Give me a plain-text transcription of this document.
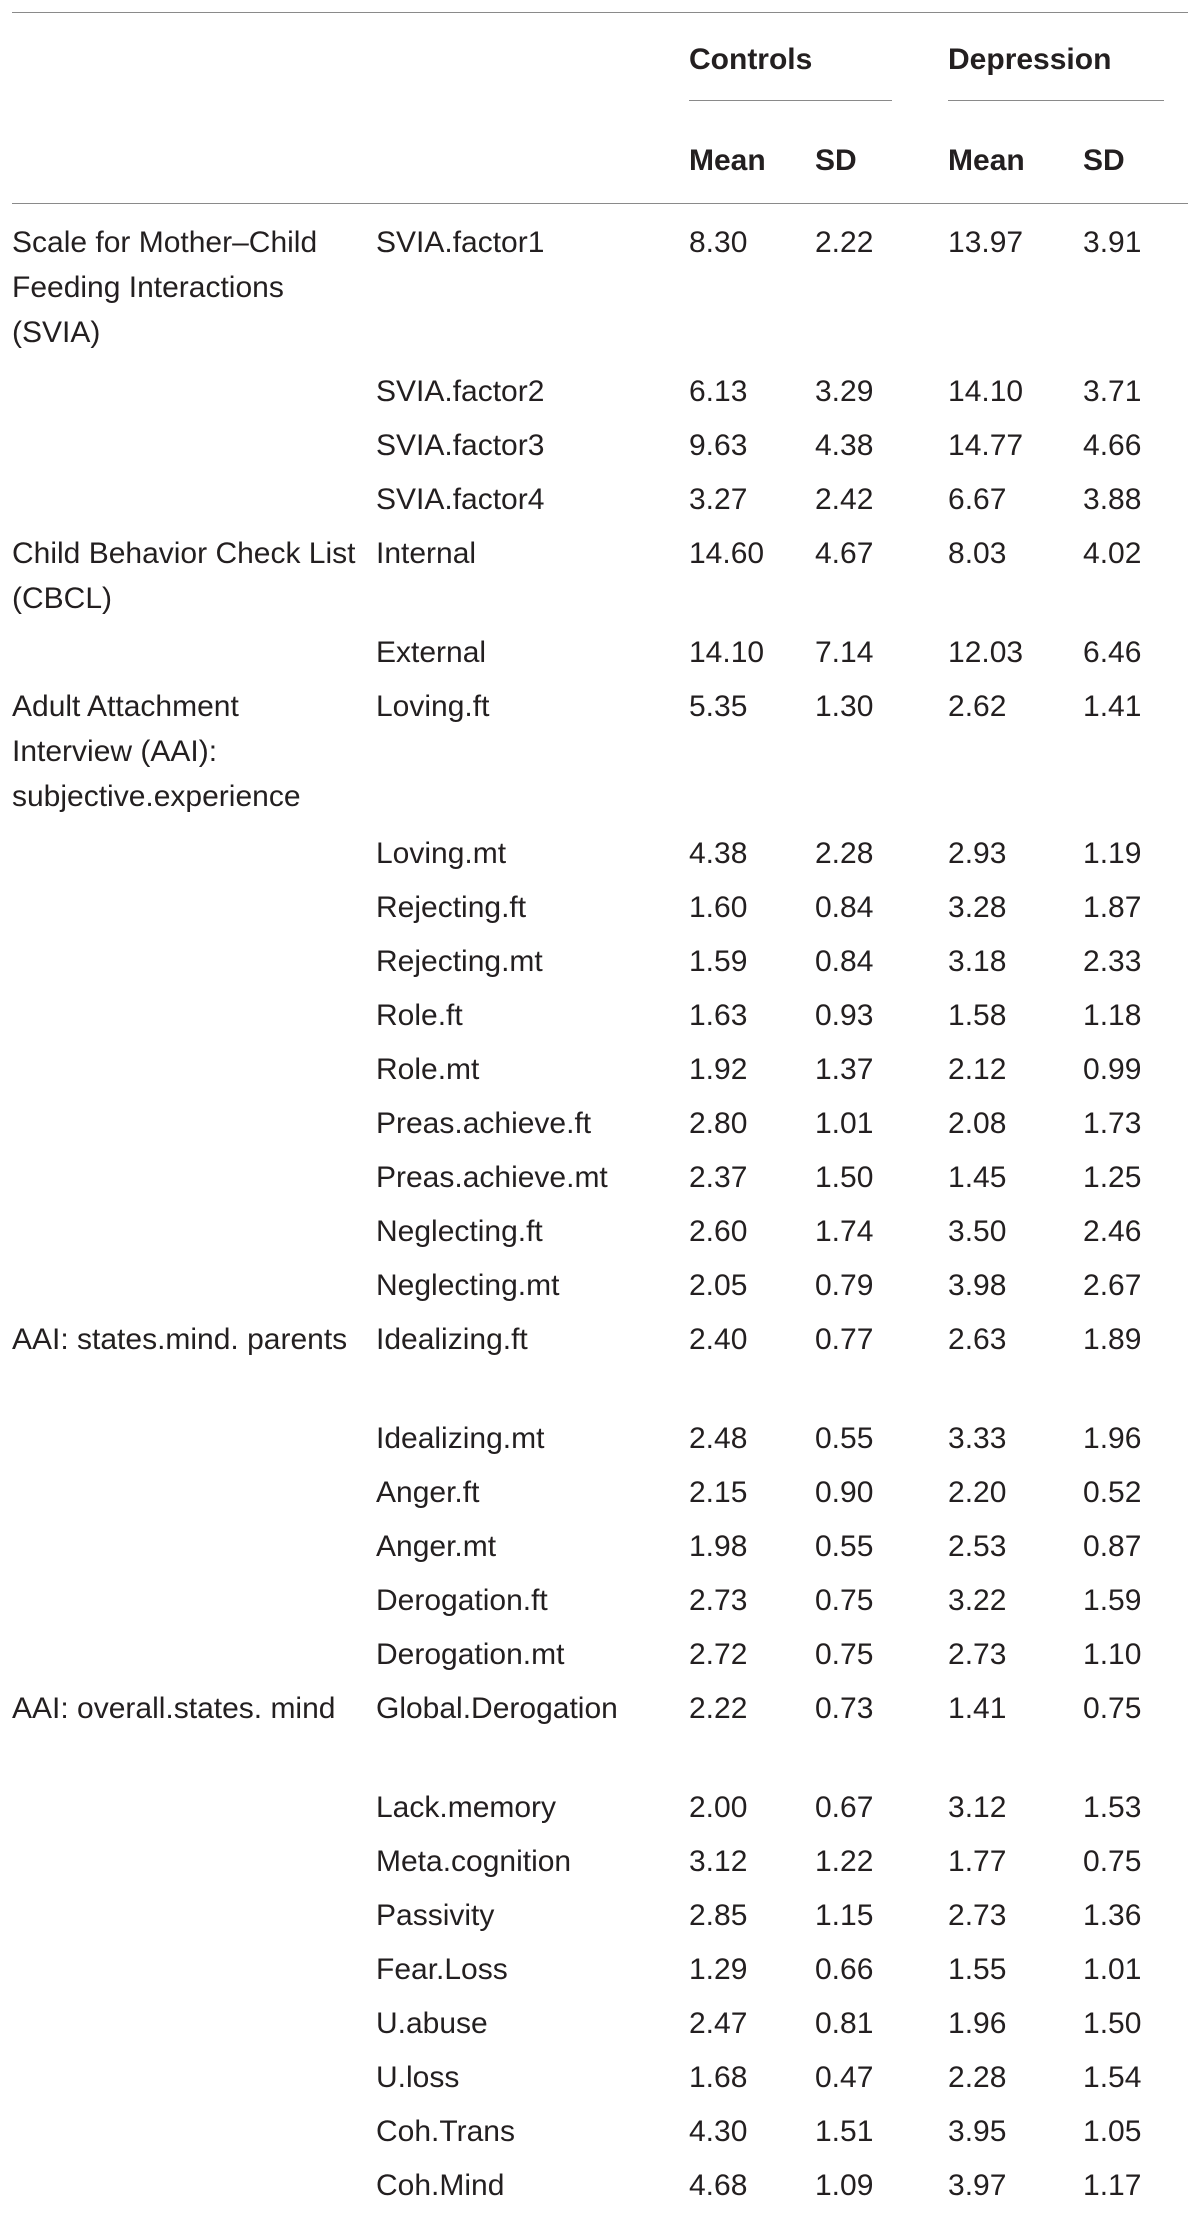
		Controls		Depression	

		Mean	SD	Mean	SD

Scale for Mother–Child Feeding Interactions (SVIA)	SVIA.factor1	8.30	2.22	13.97	3.91

	SVIA.factor2	6.13	3.29	14.10	3.71

	SVIA.factor3	9.63	4.38	14.77	4.66

	SVIA.factor4	3.27	2.42	6.67	3.88

Child Behavior Check List (CBCL)	Internal	14.60	4.67	8.03	4.02

	External	14.10	7.14	12.03	6.46

Adult Attachment Interview (AAI): subjective.experience	Loving.ft	5.35	1.30	2.62	1.41

	Loving.mt	4.38	2.28	2.93	1.19

	Rejecting.ft	1.60	0.84	3.28	1.87

	Rejecting.mt	1.59	0.84	3.18	2.33

	Role.ft	1.63	0.93	1.58	1.18

	Role.mt	1.92	1.37	2.12	0.99

	Preas.achieve.ft	2.80	1.01	2.08	1.73

	Preas.achieve.mt	2.37	1.50	1.45	1.25

	Neglecting.ft	2.60	1.74	3.50	2.46

	Neglecting.mt	2.05	0.79	3.98	2.67

AAI: states.mind. parents	Idealizing.ft	2.40	0.77	2.63	1.89

	Idealizing.mt	2.48	0.55	3.33	1.96

	Anger.ft	2.15	0.90	2.20	0.52

	Anger.mt	1.98	0.55	2.53	0.87

	Derogation.ft	2.73	0.75	3.22	1.59

	Derogation.mt	2.72	0.75	2.73	1.10

AAI: overall.states. mind	Global.Derogation	2.22	0.73	1.41	0.75

	Lack.memory	2.00	0.67	3.12	1.53

	Meta.cognition	3.12	1.22	1.77	0.75

	Passivity	2.85	1.15	2.73	1.36

	Fear.Loss	1.29	0.66	1.55	1.01

	U.abuse	2.47	0.81	1.96	1.50

	U.loss	1.68	0.47	2.28	1.54

	Coh.Trans	4.30	1.51	3.95	1.05

	Coh.Mind	4.68	1.09	3.97	1.17
